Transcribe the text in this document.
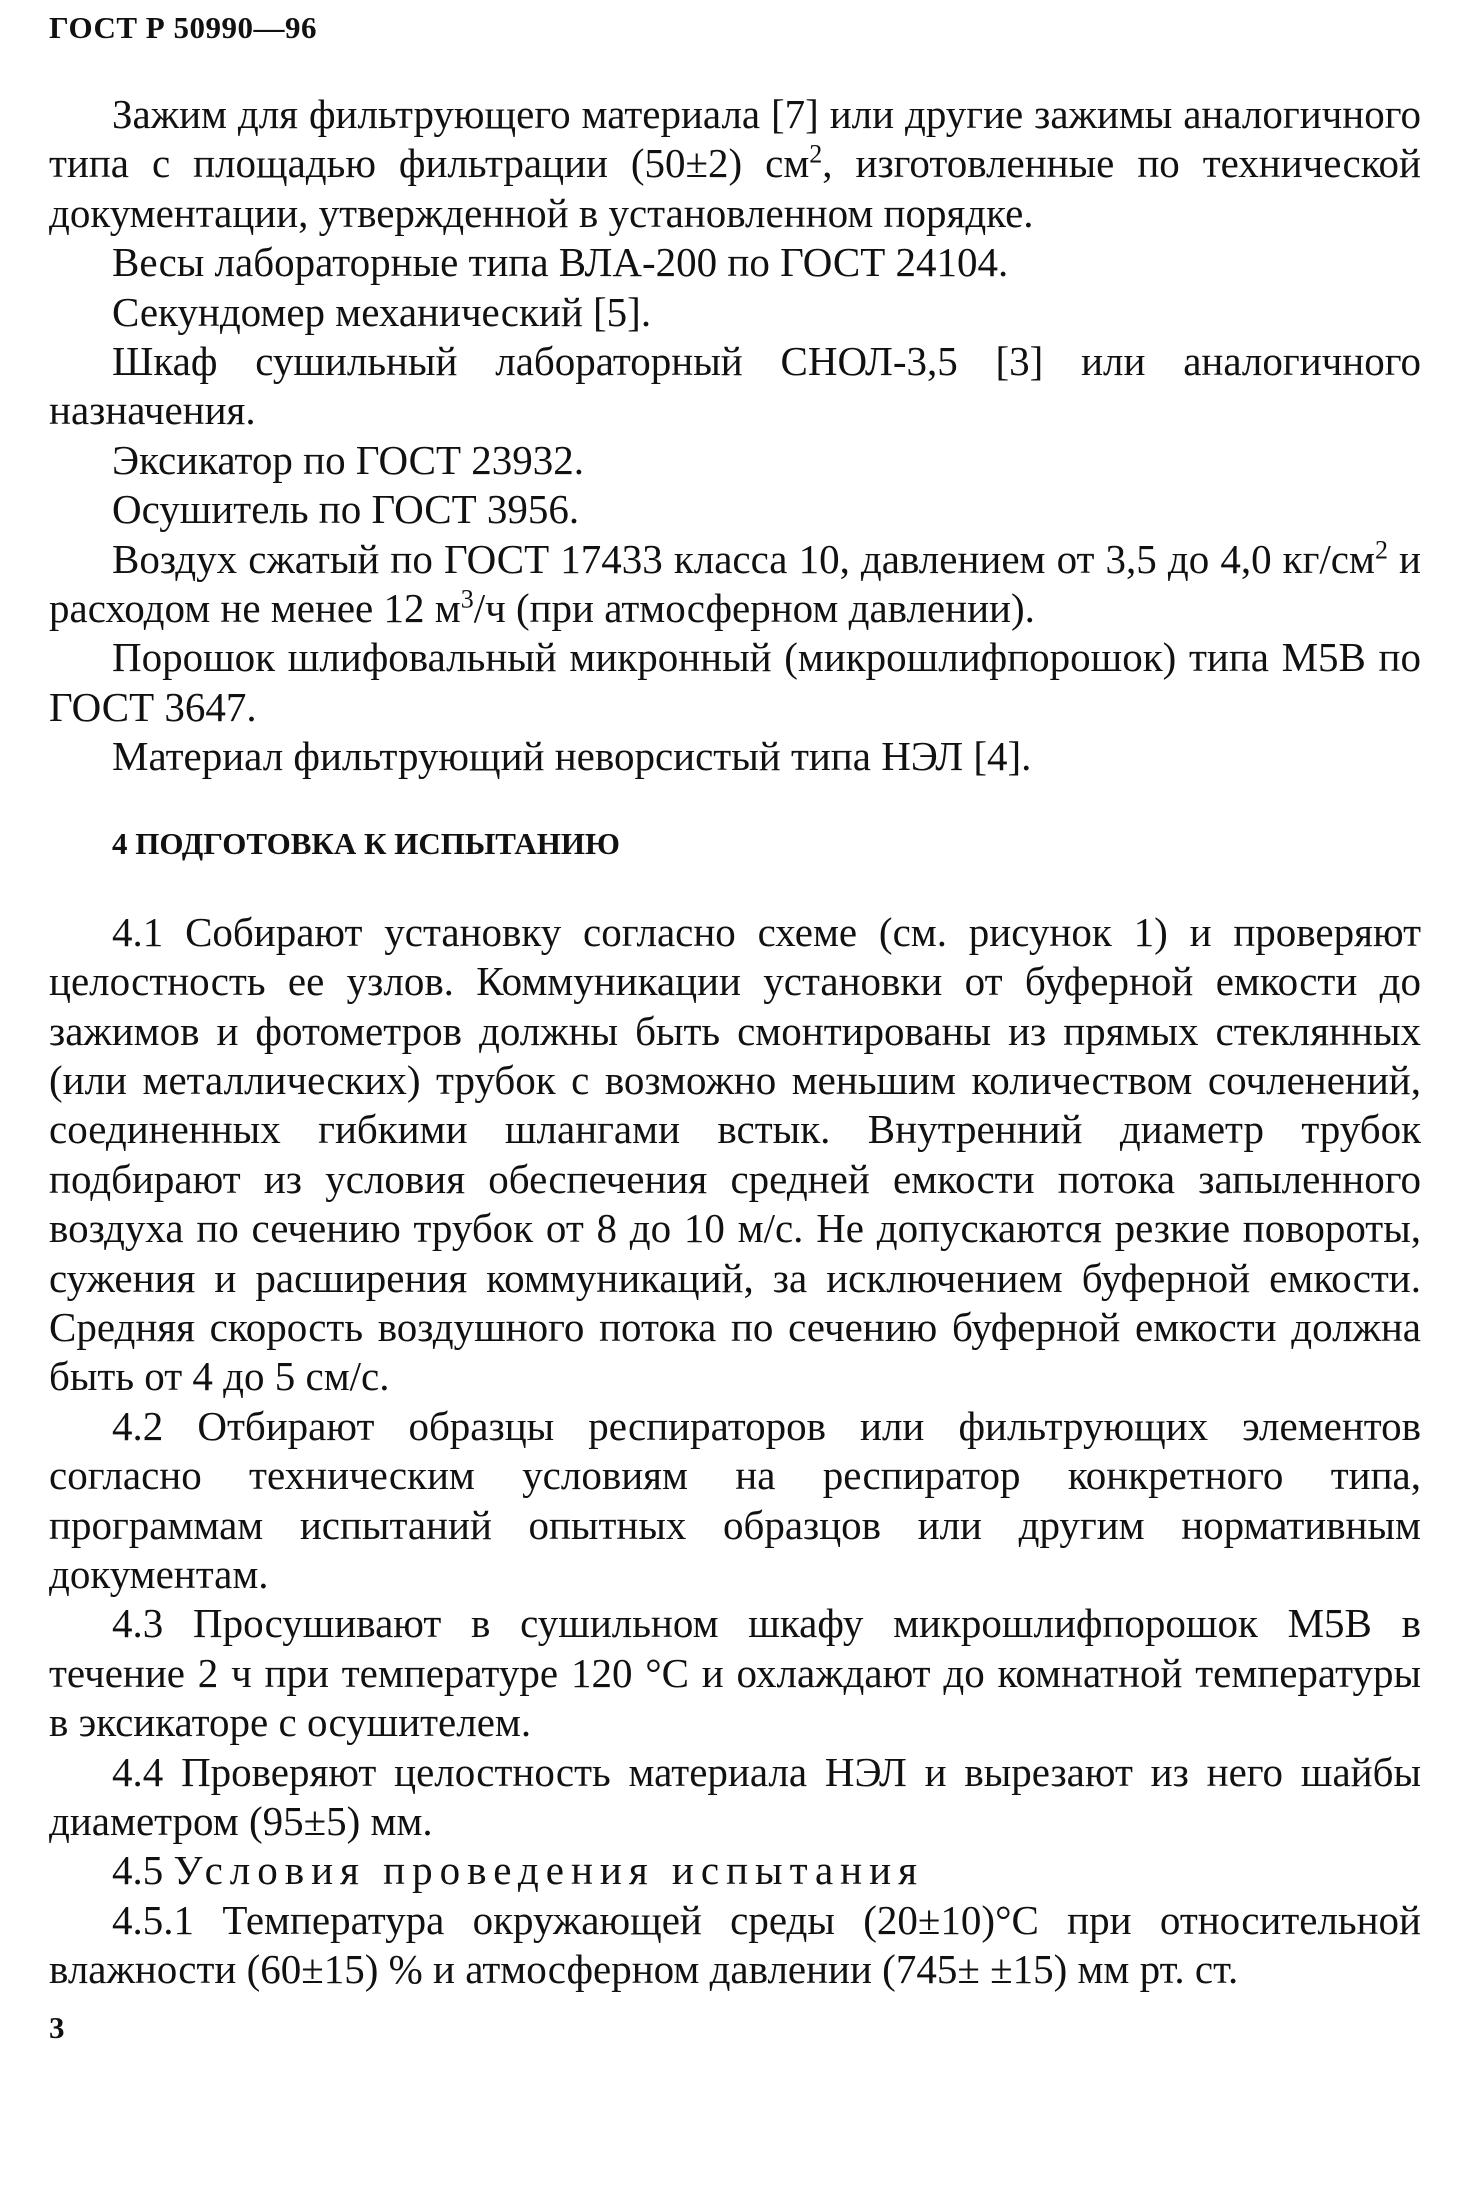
ГОСТ Р 50990—96

Зажим для фильтрующего материала [7] или другие зажимы аналогичного типа с площадью фильтрации (50±2) $см^2$, изготовленные по технической документации, утвержденной в установленном порядке.

Весы лабораторные типа ВЛА-200 по ГОСТ 24104.

Секундомер механический [5].

Шкаф сушильный лабораторный СНОЛ-3,5 [3] или аналогичного назначения.

Эксикатор по ГОСТ 23932.

Осушитель по ГОСТ 3956.

Воздух сжатый по ГОСТ 17433 класса 10, давлением от 3,5 до 4,0 $кг/см^2$ и расходом не менее 12 $м^3/ч$ (при атмосферном давлении).

Порошок шлифовальный микронный (микрошлифпорошок) типа М5В по ГОСТ 3647.

Материал фильтрующий неворсистый типа НЭЛ [4].

4 ПОДГОТОВКА К ИСПЫТАНИЮ

4.1 Собирают установку согласно схеме (см. рисунок 1) и проверяют целостность ее узлов. Коммуникации установки от буферной емкости до зажимов и фотометров должны быть смонтированы из прямых стеклянных (или металлических) трубок с возможно меньшим количеством сочленений, соединенных гибкими шлангами встык. Внутренний диаметр трубок подбирают из условия обеспечения средней емкости потока запыленного воздуха по сечению трубок от 8 до 10 м/с. Не допускаются резкие повороты, сужения и расширения коммуникаций, за исключением буферной емкости. Средняя скорость воздушного потока по сечению буферной емкости должна быть от 4 до 5 см/с.

4.2 Отбирают образцы респираторов или фильтрующих элементов согласно техническим условиям на респиратор конкретного типа, программам испытаний опытных образцов или другим нормативным документам.

4.3 Просушивают в сушильном шкафу микрошлифпорошок М5В в течение 2 ч при температуре 120 °С и охлаждают до комнатной температуры в эксикаторе с осушителем.

4.4 Проверяют целостность материала НЭЛ и вырезают из него шайбы диаметром (95±5) мм.

4.5 Условия проведения испытания

4.5.1 Температура окружающей среды (20±10)°С при относительной влажности (60±15) % и атмосферном давлении (745± ±15) мм рт. ст.

3
